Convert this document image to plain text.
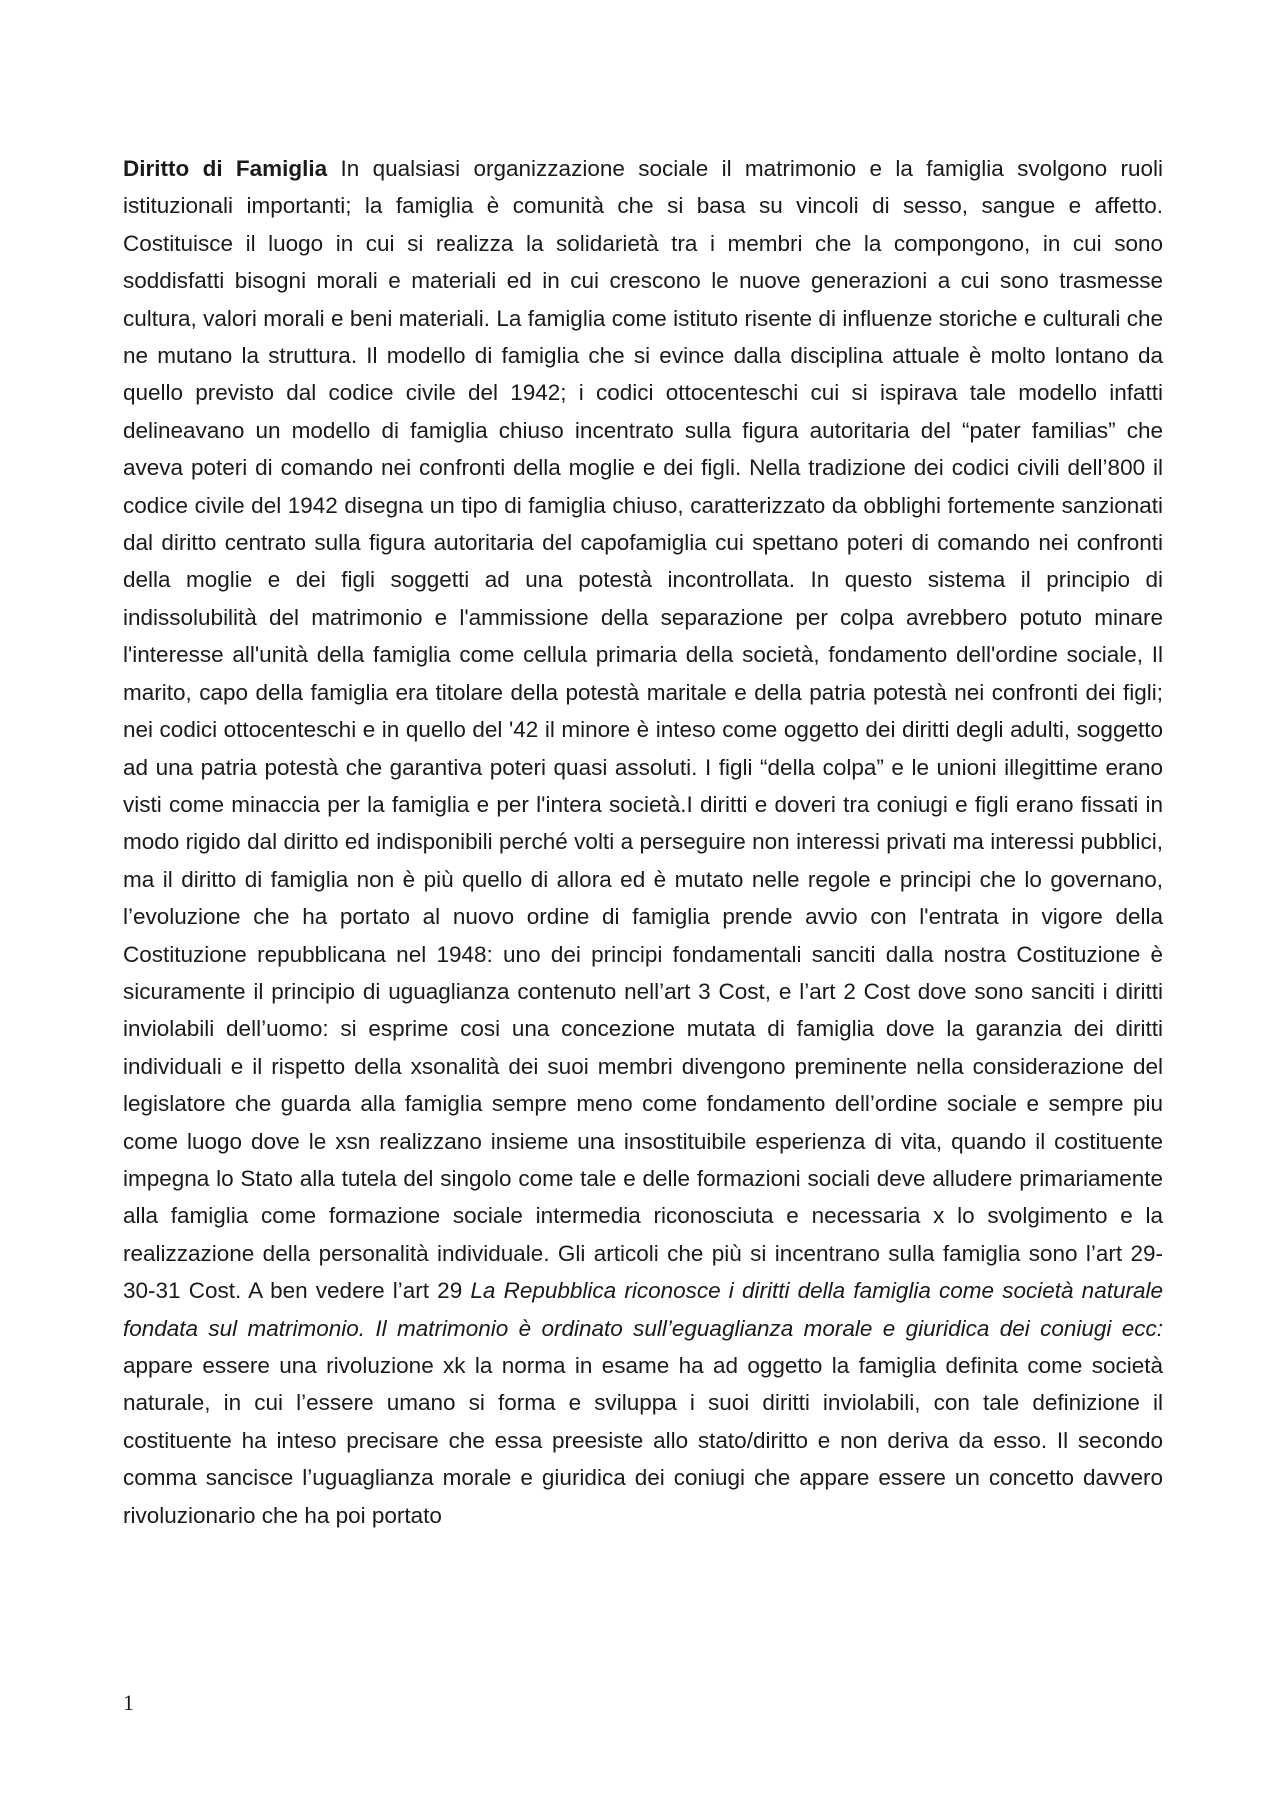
Diritto di Famiglia In qualsiasi organizzazione sociale il matrimonio e la famiglia svolgono ruoli istituzionali importanti; la famiglia è comunità che si basa su vincoli di sesso, sangue e affetto. Costituisce il luogo in cui si realizza la solidarietà tra i membri che la compongono, in cui sono soddisfatti bisogni morali e materiali ed in cui crescono le nuove generazioni a cui sono trasmesse cultura, valori morali e beni materiali. La famiglia come istituto risente di influenze storiche e culturali che ne mutano la struttura. Il modello di famiglia che si evince dalla disciplina attuale è molto lontano da quello previsto dal codice civile del 1942; i codici ottocenteschi cui si ispirava tale modello infatti delineavano un modello di famiglia chiuso incentrato sulla figura autoritaria del “pater familias” che aveva poteri di comando nei confronti della moglie e dei figli. Nella tradizione dei codici civili dell’800 il codice civile del 1942 disegna un tipo di famiglia chiuso, caratterizzato da obblighi fortemente sanzionati dal diritto centrato sulla figura autoritaria del capofamiglia cui spettano poteri di comando nei confronti della moglie e dei figli soggetti ad una potestà incontrollata. In questo sistema il principio di indissolubilità del matrimonio e l'ammissione della separazione per colpa avrebbero potuto minare l'interesse all'unità della famiglia come cellula primaria della società, fondamento dell'ordine sociale, Il marito, capo della famiglia era titolare della potestà maritale e della patria potestà nei confronti dei figli; nei codici ottocenteschi e in quello del '42 il minore è inteso come oggetto dei diritti degli adulti, soggetto ad una patria potestà che garantiva poteri quasi assoluti. I figli “della colpa” e le unioni illegittime erano visti come minaccia per la famiglia e per l'intera società.I diritti e doveri tra coniugi e figli erano fissati in modo rigido dal diritto ed indisponibili perché volti a perseguire non interessi privati ma interessi pubblici, ma il diritto di famiglia non è più quello di allora ed è mutato nelle regole e principi che lo governano, l’evoluzione che ha portato al nuovo ordine di famiglia prende avvio con l'entrata in vigore della Costituzione repubblicana nel 1948: uno dei principi fondamentali sanciti dalla nostra Costituzione è sicuramente il principio di uguaglianza contenuto nell’art 3 Cost, e l’art 2 Cost dove sono sanciti i diritti inviolabili dell’uomo: si esprime cosi una concezione mutata di famiglia dove la garanzia dei diritti individuali e il rispetto della xsonalità dei suoi membri divengono preminente nella considerazione del legislatore che guarda alla famiglia sempre meno come fondamento dell’ordine sociale e sempre piu come luogo dove le xsn realizzano insieme una insostituibile esperienza di vita, quando il costituente impegna lo Stato alla tutela del singolo come tale e delle formazioni sociali deve alludere primariamente alla famiglia come formazione sociale intermedia riconosciuta e necessaria x lo svolgimento e la realizzazione della personalità individuale. Gli articoli che più si incentrano sulla famiglia sono l’art 29-30-31 Cost. A ben vedere l’art 29 La Repubblica riconosce i diritti della famiglia come società naturale fondata sul matrimonio. Il matrimonio è ordinato sull’eguaglianza morale e giuridica dei coniugi ecc: appare essere una rivoluzione xk la norma in esame ha ad oggetto la famiglia definita come società naturale, in cui l’essere umano si forma e sviluppa i suoi diritti inviolabili, con tale definizione il costituente ha inteso precisare che essa preesiste allo stato/diritto e non deriva da esso. Il secondo comma sancisce l’uguaglianza morale e giuridica dei coniugi che appare essere un concetto davvero rivoluzionario che ha poi portato

1
